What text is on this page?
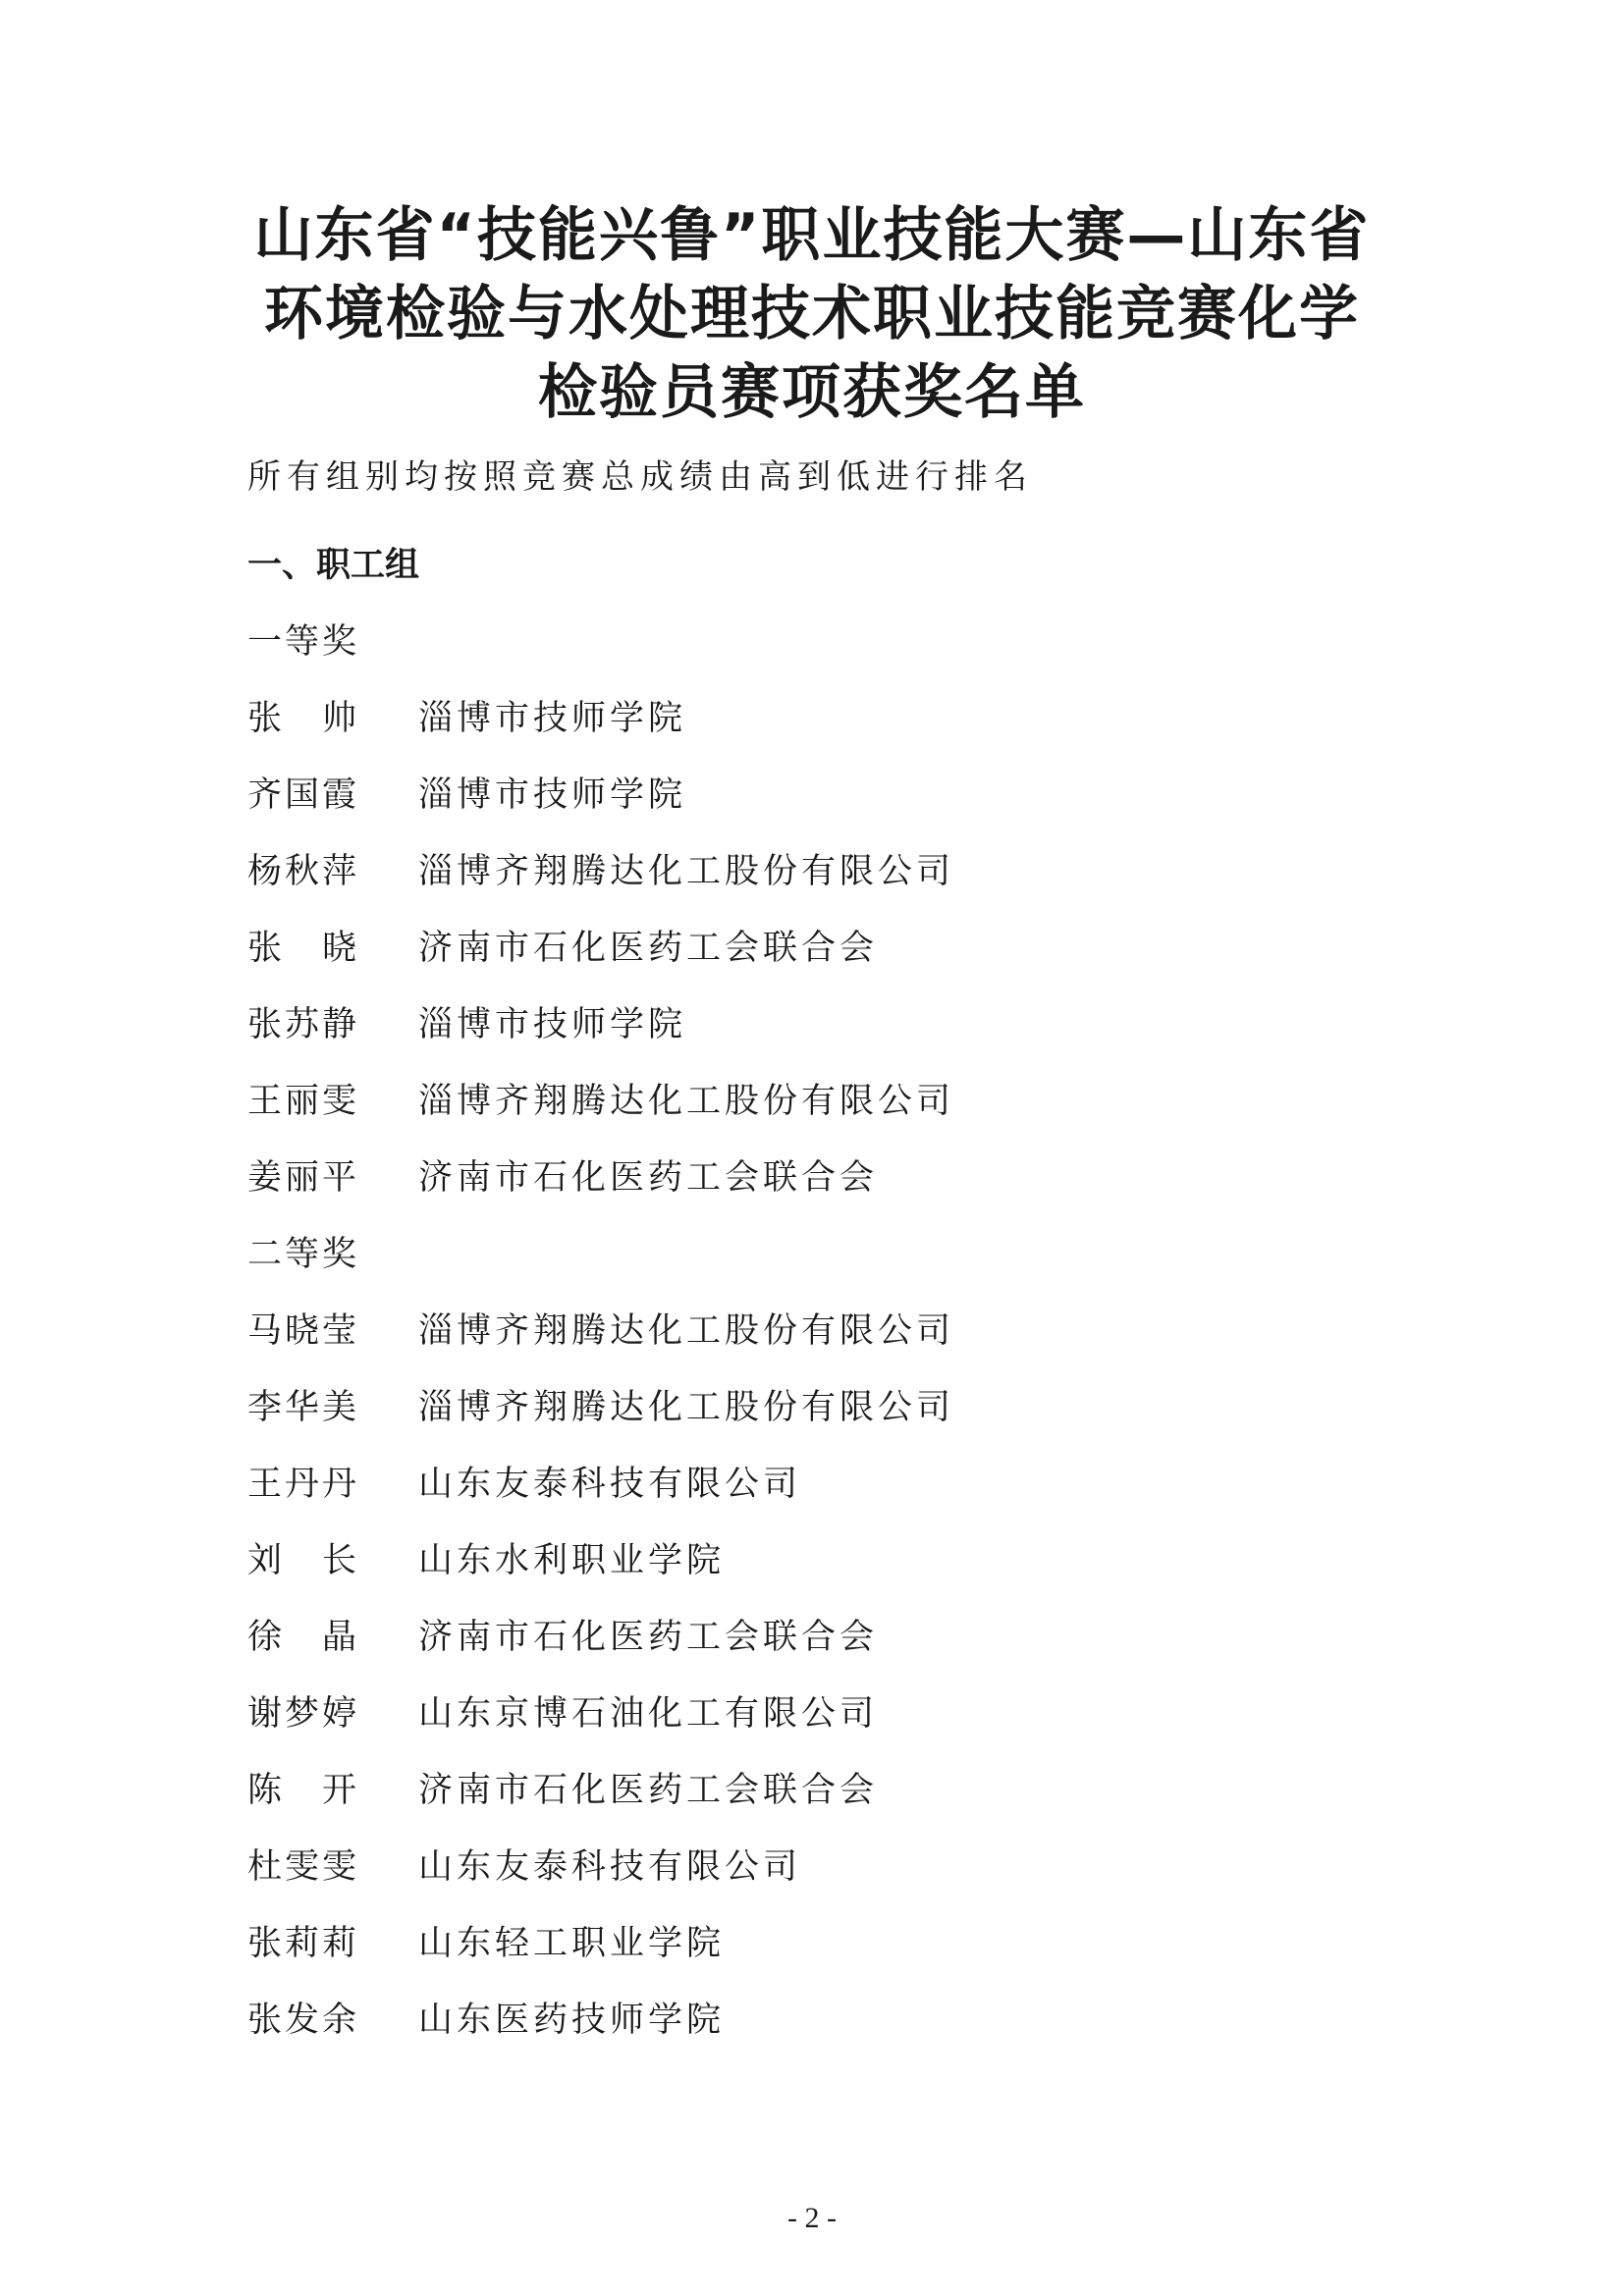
山东省“技能兴鲁”职业技能大赛—山东省
环境检验与水处理技术职业技能竞赛化学
检验员赛项获奖名单
所有组别均按照竞赛总成绩由高到低进行排名
一、职工组
一等奖
张　帅	淄博市技师学院
齐国霞	淄博市技师学院
杨秋萍	淄博齐翔腾达化工股份有限公司
张　晓	济南市石化医药工会联合会
张苏静	淄博市技师学院
王丽雯	淄博齐翔腾达化工股份有限公司
姜丽平	济南市石化医药工会联合会
二等奖
马晓莹	淄博齐翔腾达化工股份有限公司
李华美	淄博齐翔腾达化工股份有限公司
王丹丹	山东友泰科技有限公司
刘　长	山东水利职业学院
徐　晶	济南市石化医药工会联合会
谢梦婷	山东京博石油化工有限公司
陈　开	济南市石化医药工会联合会
杜雯雯	山东友泰科技有限公司
张莉莉	山东轻工职业学院
张发余	山东医药技师学院
- 2 -
